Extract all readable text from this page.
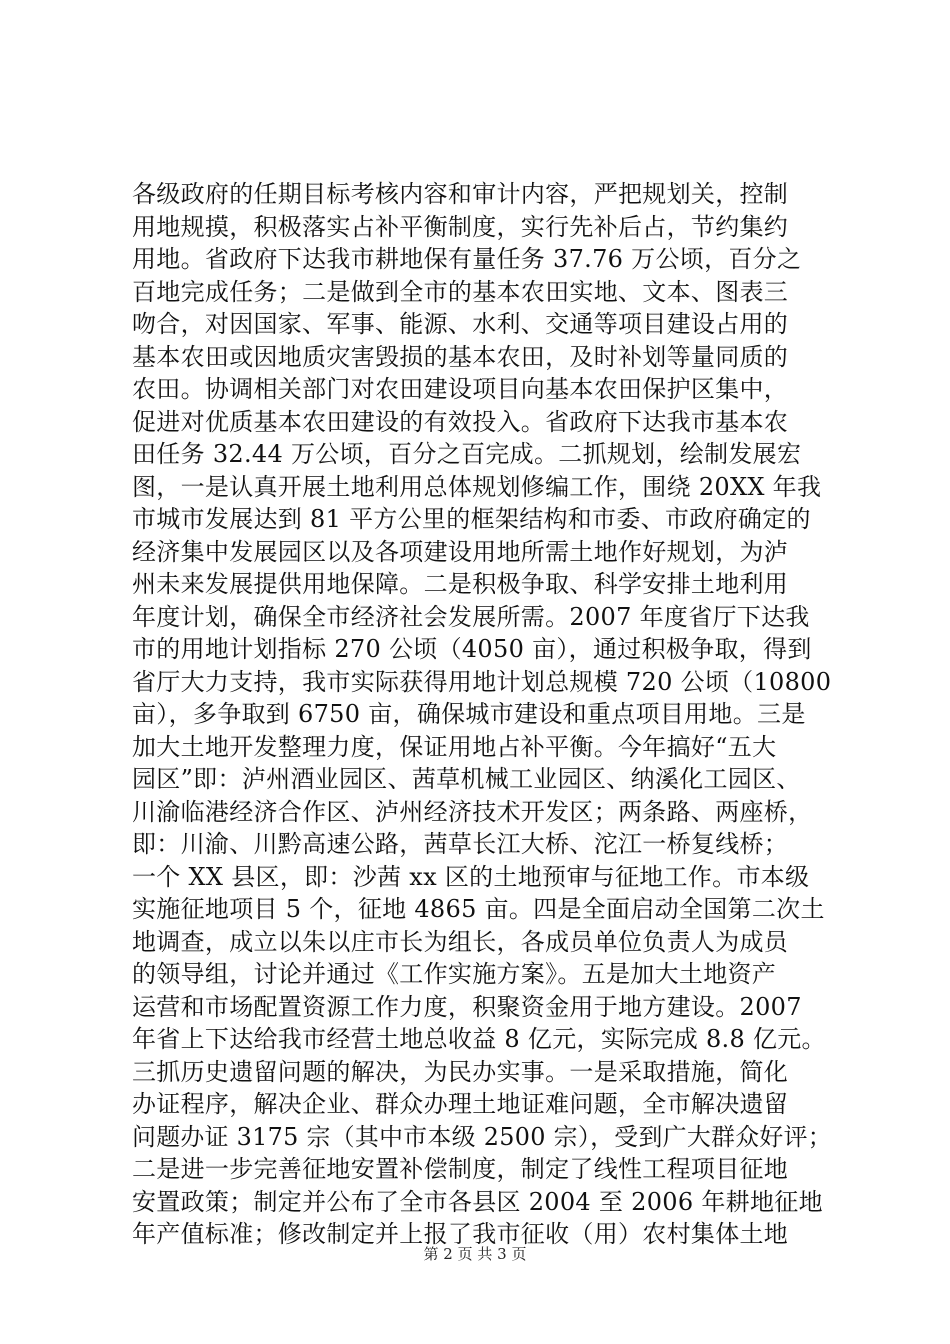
各级政府的任期目标考核内容和审计内容，严把规划关，控制
用地规摸，积极落实占补平衡制度，实行先补后占，节约集约
用地。省政府下达我市耕地保有量任务 37.76 万公顷，百分之
百地完成任务；二是做到全市的基本农田实地、文本、图表三
吻合，对因国家、军事、能源、水利、交通等项目建设占用的
基本农田或因地质灾害毁损的基本农田，及时补划等量同质的
农田。协调相关部门对农田建设项目向基本农田保护区集中，
促进对优质基本农田建设的有效投入。省政府下达我市基本农
田任务 32.44 万公顷，百分之百完成。二抓规划，绘制发展宏
图，一是认真开展土地利用总体规划修编工作，围绕 20XX 年我
市城市发展达到 81 平方公里的框架结构和市委、市政府确定的
经济集中发展园区以及各项建设用地所需土地作好规划，为泸
州未来发展提供用地保障。二是积极争取、科学安排土地利用
年度计划，确保全市经济社会发展所需。2007 年度省厅下达我
市的用地计划指标 270 公顷（4050 亩），通过积极争取，得到
省厅大力支持，我市实际获得用地计划总规模 720 公顷（10800
亩），多争取到 6750 亩，确保城市建设和重点项目用地。三是
加大土地开发整理力度，保证用地占补平衡。今年搞好“五大
园区”即：泸州酒业园区、茜草机械工业园区、纳溪化工园区、
川渝临港经济合作区、泸州经济技术开发区；两条路、两座桥，
即：川渝、川黔高速公路，茜草长江大桥、沱江一桥复线桥；
一个 XX 县区，即：沙茜 xx 区的土地预审与征地工作。市本级
实施征地项目 5 个，征地 4865 亩。四是全面启动全国第二次土
地调查，成立以朱以庄市长为组长，各成员单位负责人为成员
的领导组，讨论并通过《工作实施方案》。五是加大土地资产
运营和市场配置资源工作力度，积聚资金用于地方建设。2007
年省上下达给我市经营土地总收益 8 亿元，实际完成 8.8 亿元。
三抓历史遗留问题的解决，为民办实事。一是采取措施，简化
办证程序，解决企业、群众办理土地证难问题，全市解决遗留
问题办证 3175 宗（其中市本级 2500 宗），受到广大群众好评；
二是进一步完善征地安置补偿制度，制定了线性工程项目征地
安置政策；制定并公布了全市各县区 2004 至 2006 年耕地征地
年产值标准；修改制定并上报了我市征收（用）农村集体土地
第 2 页 共 3 页
